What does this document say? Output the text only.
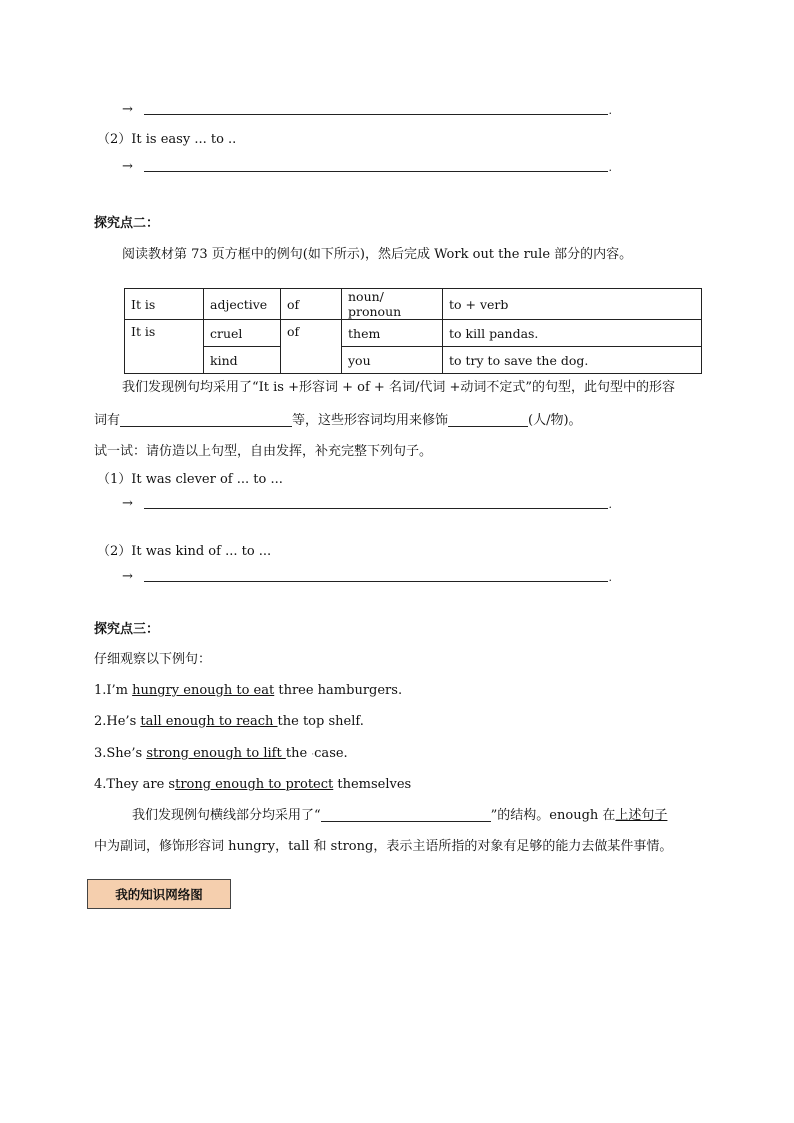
→	.
（2）It is easy ... to ..
→	.
探究点二：
阅读教材第 73 页方框中的例句(如下所示)，然后完成 Work out the rule 部分的内容。
It is	adjective	of	noun/ pronoun	to + verb
It is	cruel	of	them	to kill pandas.
	kind		you	to try to save the dog.
我们发现例句均采用了“It is +形容词 + of + 名词/代词 +动词不定式”的句型，此句型中的形容
词有	等，这些形容词均用来修饰	(人/物)。
试一试：请仿造以上句型，自由发挥，补充完整下列句子。
（1）It was clever of ... to ...
→	.
（2）It was kind of ... to ...
→	.
探究点三：
仔细观察以下例句：
1.I’m hungry enough to eat three hamburgers.
2.He’s tall enough to reach the top shelf.
3.She’s strong enough to lift the ·case.
4.They are strong enough to protect themselves
我们发现例句横线部分均采用了“	”的结构。enough 在上述句子
中为副词，修饰形容词 hungry，tall 和 strong，表示主语所指的对象有足够的能力去做某件事情。
我的知识网络图
